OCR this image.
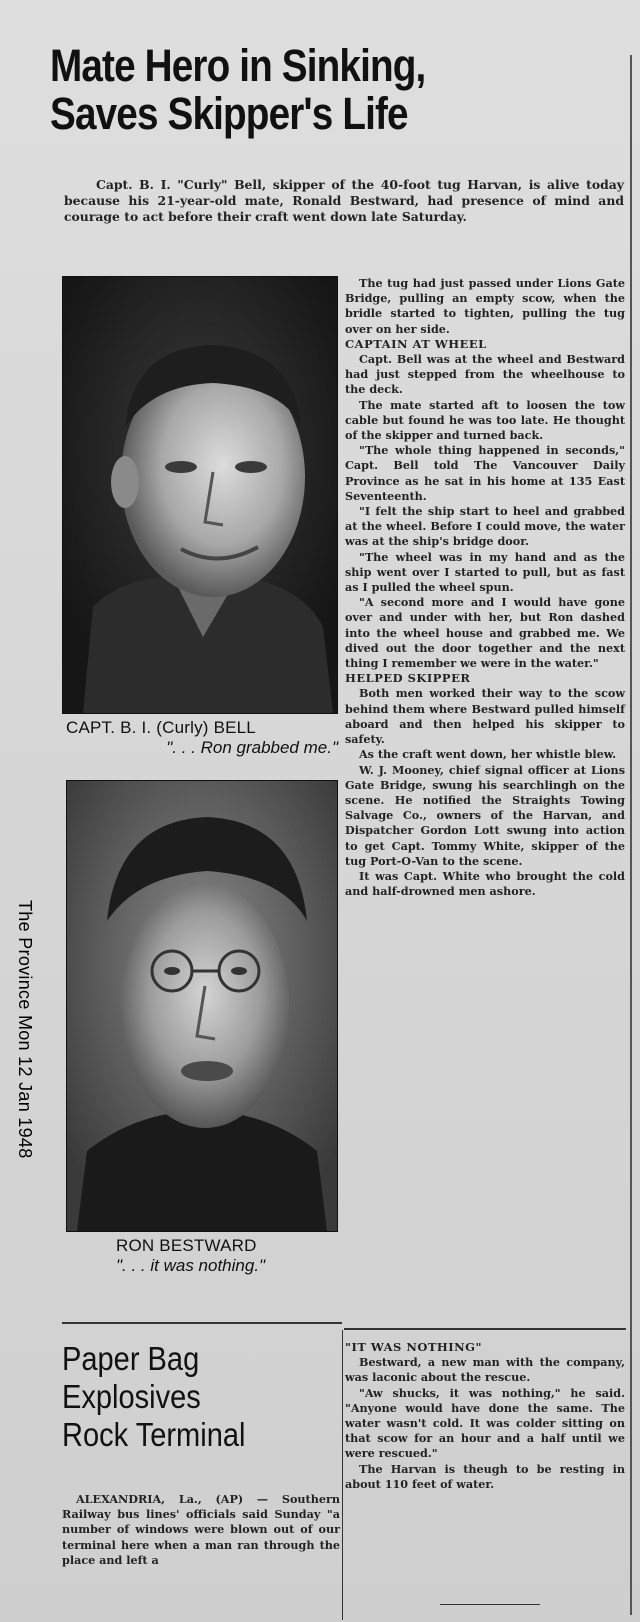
Mate Hero in Sinking,
Saves Skipper's Life
Capt. B. I. "Curly" Bell, skipper of the 40-foot tug Harvan, is alive today because his 21-year-old mate, Ronald Bestward, had presence of mind and courage to act before their craft went down late Saturday.
CAPT. B. I. (Curly) BELL
". . . Ron grabbed me."
RON BESTWARD
". . . it was nothing."

The tug had just passed under Lions Gate Bridge, pulling an empty scow, when the bridle started to tighten, pulling the tug over on her side.

CAPTAIN AT WHEEL

Capt. Bell was at the wheel and Bestward had just stepped from the wheelhouse to the deck.

The mate started aft to loosen the tow cable but found he was too late. He thought of the skipper and turned back.

"The whole thing happened in seconds," Capt. Bell told The Vancouver Daily Province as he sat in his home at 135 East Seventeenth.

"I felt the ship start to heel and grabbed at the wheel. Before I could move, the water was at the ship's bridge door.

"The wheel was in my hand and as the ship went over I started to pull, but as fast as I pulled the wheel spun.

"A second more and I would have gone over and under with her, but Ron dashed into the wheel house and grabbed me. We dived out the door together and the next thing I remember we were in the water."

HELPED SKIPPER

Both men worked their way to the scow behind them where Bestward pulled himself aboard and then helped his skipper to safety.

As the craft went down, her whistle blew.

W. J. Mooney, chief signal officer at Lions Gate Bridge, swung his searchlingh on the scene. He notified the Straights Towing Salvage Co., owners of the Harvan, and Dispatcher Gordon Lott swung into action to get Capt. Tommy White, skipper of the tug Port-O-Van to the scene.

It was Capt. White who brought the cold and half-drowned men ashore.

"IT WAS NOTHING"

Bestward, a new man with the company, was laconic about the rescue.

"Aw shucks, it was nothing," he said. "Anyone would have done the same. The water wasn't cold. It was colder sitting on that scow for an hour and a half until we were rescued."

The Harvan is theugh to be resting in about 110 feet of water.

Paper Bag
Explosives
Rock Terminal

ALEXANDRIA, La., (AP) — Southern Railway bus lines' officials said Sunday "a number of windows were blown out of our terminal here when a man ran through the place and left a

The Province Mon 12 Jan 1948
